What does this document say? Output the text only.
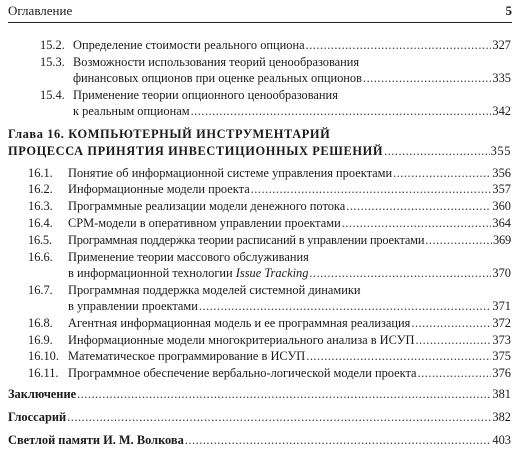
Оглавление	5
15.2. Определение стоимости реального опциона .....	327
15.3. Возможности использования теорий ценообразования
финансовых опционов при оценке реальных опционов .....	335
15.4. Применение теории опционного ценообразования
к реальным опционам .....	342
Глава 16. КОМПЬЮТЕРНЫЙ ИНСТРУМЕНТАРИЙ
ПРОЦЕССА ПРИНЯТИЯ ИНВЕСТИЦИОННЫХ РЕШЕНИЙ .....	355
16.1. Понятие об информационной системе управления проектами .....	356
16.2. Информационные модели проекта .....	357
16.3. Программные реализации модели денежного потока .....	360
16.4. CPM-модели в оперативном управлении проектами .....	364
16.5. Программная поддержка теории расписаний в управлении проектами .....	369
16.6. Применение теории массового обслуживания
в информационной технологии Issue Tracking .....	370
16.7. Программная поддержка моделей системной динамики
в управлении проектами .....	371
16.8. Агентная информационная модель и ее программная реализация .....	372
16.9. Информационные модели многокритериального анализа в ИСУП .....	373
16.10. Математическое программирование в ИСУП .....	375
16.11. Программное обеспечение вербально-логической модели проекта .....	376
Заключение .....	381
Глоссарий .....	382
Светлой памяти И. М. Волкова .....	403
